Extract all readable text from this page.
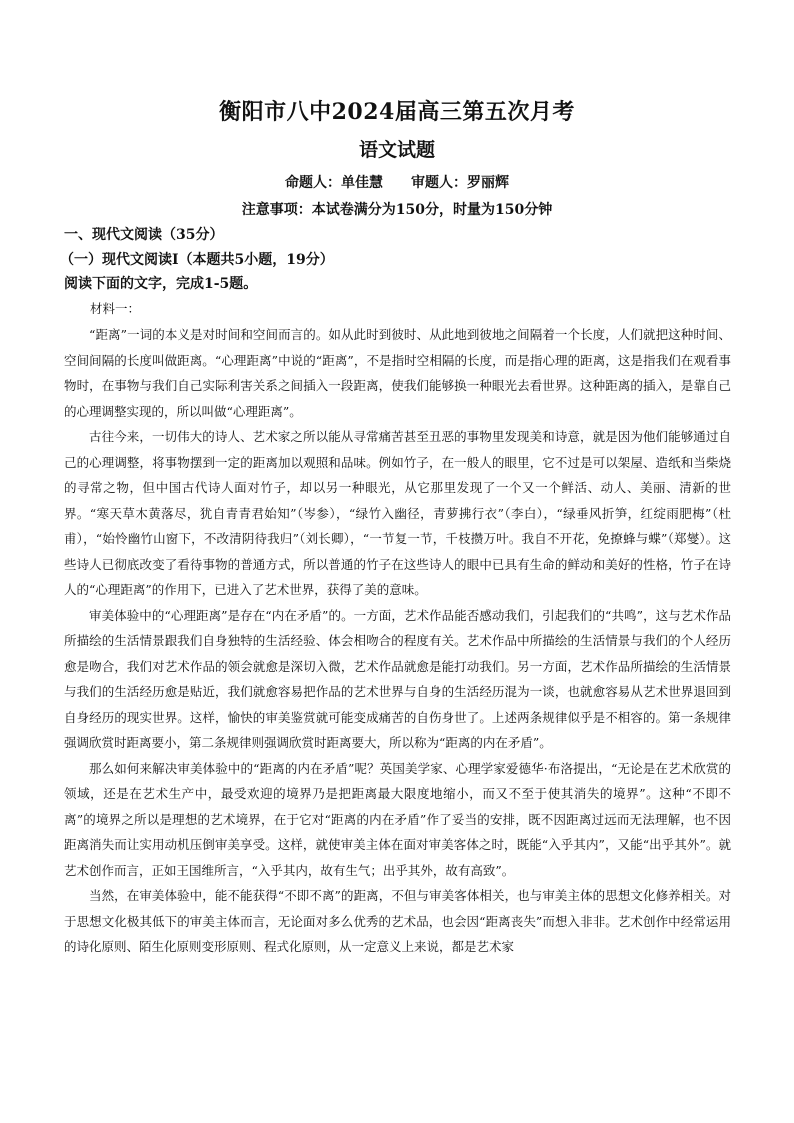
衡阳市八中2024届高三第五次月考
语文试题
命题人：单佳慧 审题人：罗丽辉
注意事项：本试卷满分为150分，时量为150分钟
一、现代文阅读（35分）
（一）现代文阅读Ⅰ（本题共5小题，19分）
阅读下面的文字，完成1-5题。
材料一：

“距离”一词的本义是对时间和空间而言的。如从此时到彼时、从此地到彼地之间隔着一个长度，人们就把这种时间、空间间隔的长度叫做距离。“心理距离”中说的“距离”，不是指时空相隔的长度，而是指心理的距离，这是指我们在观看事物时，在事物与我们自己实际利害关系之间插入一段距离，使我们能够换一种眼光去看世界。这种距离的插入，是靠自己的心理调整实现的，所以叫做“心理距离”。

古往今来，一切伟大的诗人、艺术家之所以能从寻常痛苦甚至丑恶的事物里发现美和诗意，就是因为他们能够通过自己的心理调整，将事物摆到一定的距离加以观照和品味。例如竹子，在一般人的眼里，它不过是可以架屋、造纸和当柴烧的寻常之物，但中国古代诗人面对竹子，却以另一种眼光，从它那里发现了一个又一个鲜活、动人、美丽、清新的世界。“寒天草木黄落尽，犹自青青君始知”（岑参），“绿竹入幽径，青萝拂行衣”（李白），“绿垂风折笋，红绽雨肥梅”（杜甫），“始怜幽竹山窗下，不改清阴待我归”（刘长卿），“一节复一节，千枝攒万叶。我自不开花，免撩蜂与蝶”（郑燮）。这些诗人已彻底改变了看待事物的普通方式，所以普通的竹子在这些诗人的眼中已具有生命的鲜动和美好的性格，竹子在诗人的“心理距离”的作用下，已进入了艺术世界，获得了美的意味。

审美体验中的“心理距离”是存在“内在矛盾”的。一方面，艺术作品能否感动我们，引起我们的“共鸣”，这与艺术作品所描绘的生活情景跟我们自身独特的生活经验、体会相吻合的程度有关。艺术作品中所描绘的生活情景与我们的个人经历愈是吻合，我们对艺术作品的领会就愈是深切入微，艺术作品就愈是能打动我们。另一方面，艺术作品所描绘的生活情景与我们的生活经历愈是贴近，我们就愈容易把作品的艺术世界与自身的生活经历混为一谈，也就愈容易从艺术世界退回到自身经历的现实世界。这样，愉快的审美鉴赏就可能变成痛苦的自伤身世了。上述两条规律似乎是不相容的。第一条规律强调欣赏时距离要小，第二条规律则强调欣赏时距离要大，所以称为“距离的内在矛盾”。

那么如何来解决审美体验中的“距离的内在矛盾”呢？英国美学家、心理学家爱德华·布洛提出，“无论是在艺术欣赏的领域，还是在艺术生产中，最受欢迎的境界乃是把距离最大限度地缩小，而又不至于使其消失的境界”。这种“不即不离”的境界之所以是理想的艺术境界，在于它对“距离的内在矛盾”作了妥当的安排，既不因距离过远而无法理解，也不因距离消失而让实用动机压倒审美享受。这样，就使审美主体在面对审美客体之时，既能“入乎其内”，又能“出乎其外”。就艺术创作而言，正如王国维所言，“入乎其内，故有生气；出乎其外，故有高致”。

当然，在审美体验中，能不能获得“不即不离”的距离，不但与审美客体相关，也与审美主体的思想文化修养相关。对于思想文化极其低下的审美主体而言，无论面对多么优秀的艺术品，也会因“距离丧失”而想入非非。艺术创作中经常运用的诗化原则、陌生化原则变形原则、程式化原则，从一定意义上来说，都是艺术家
